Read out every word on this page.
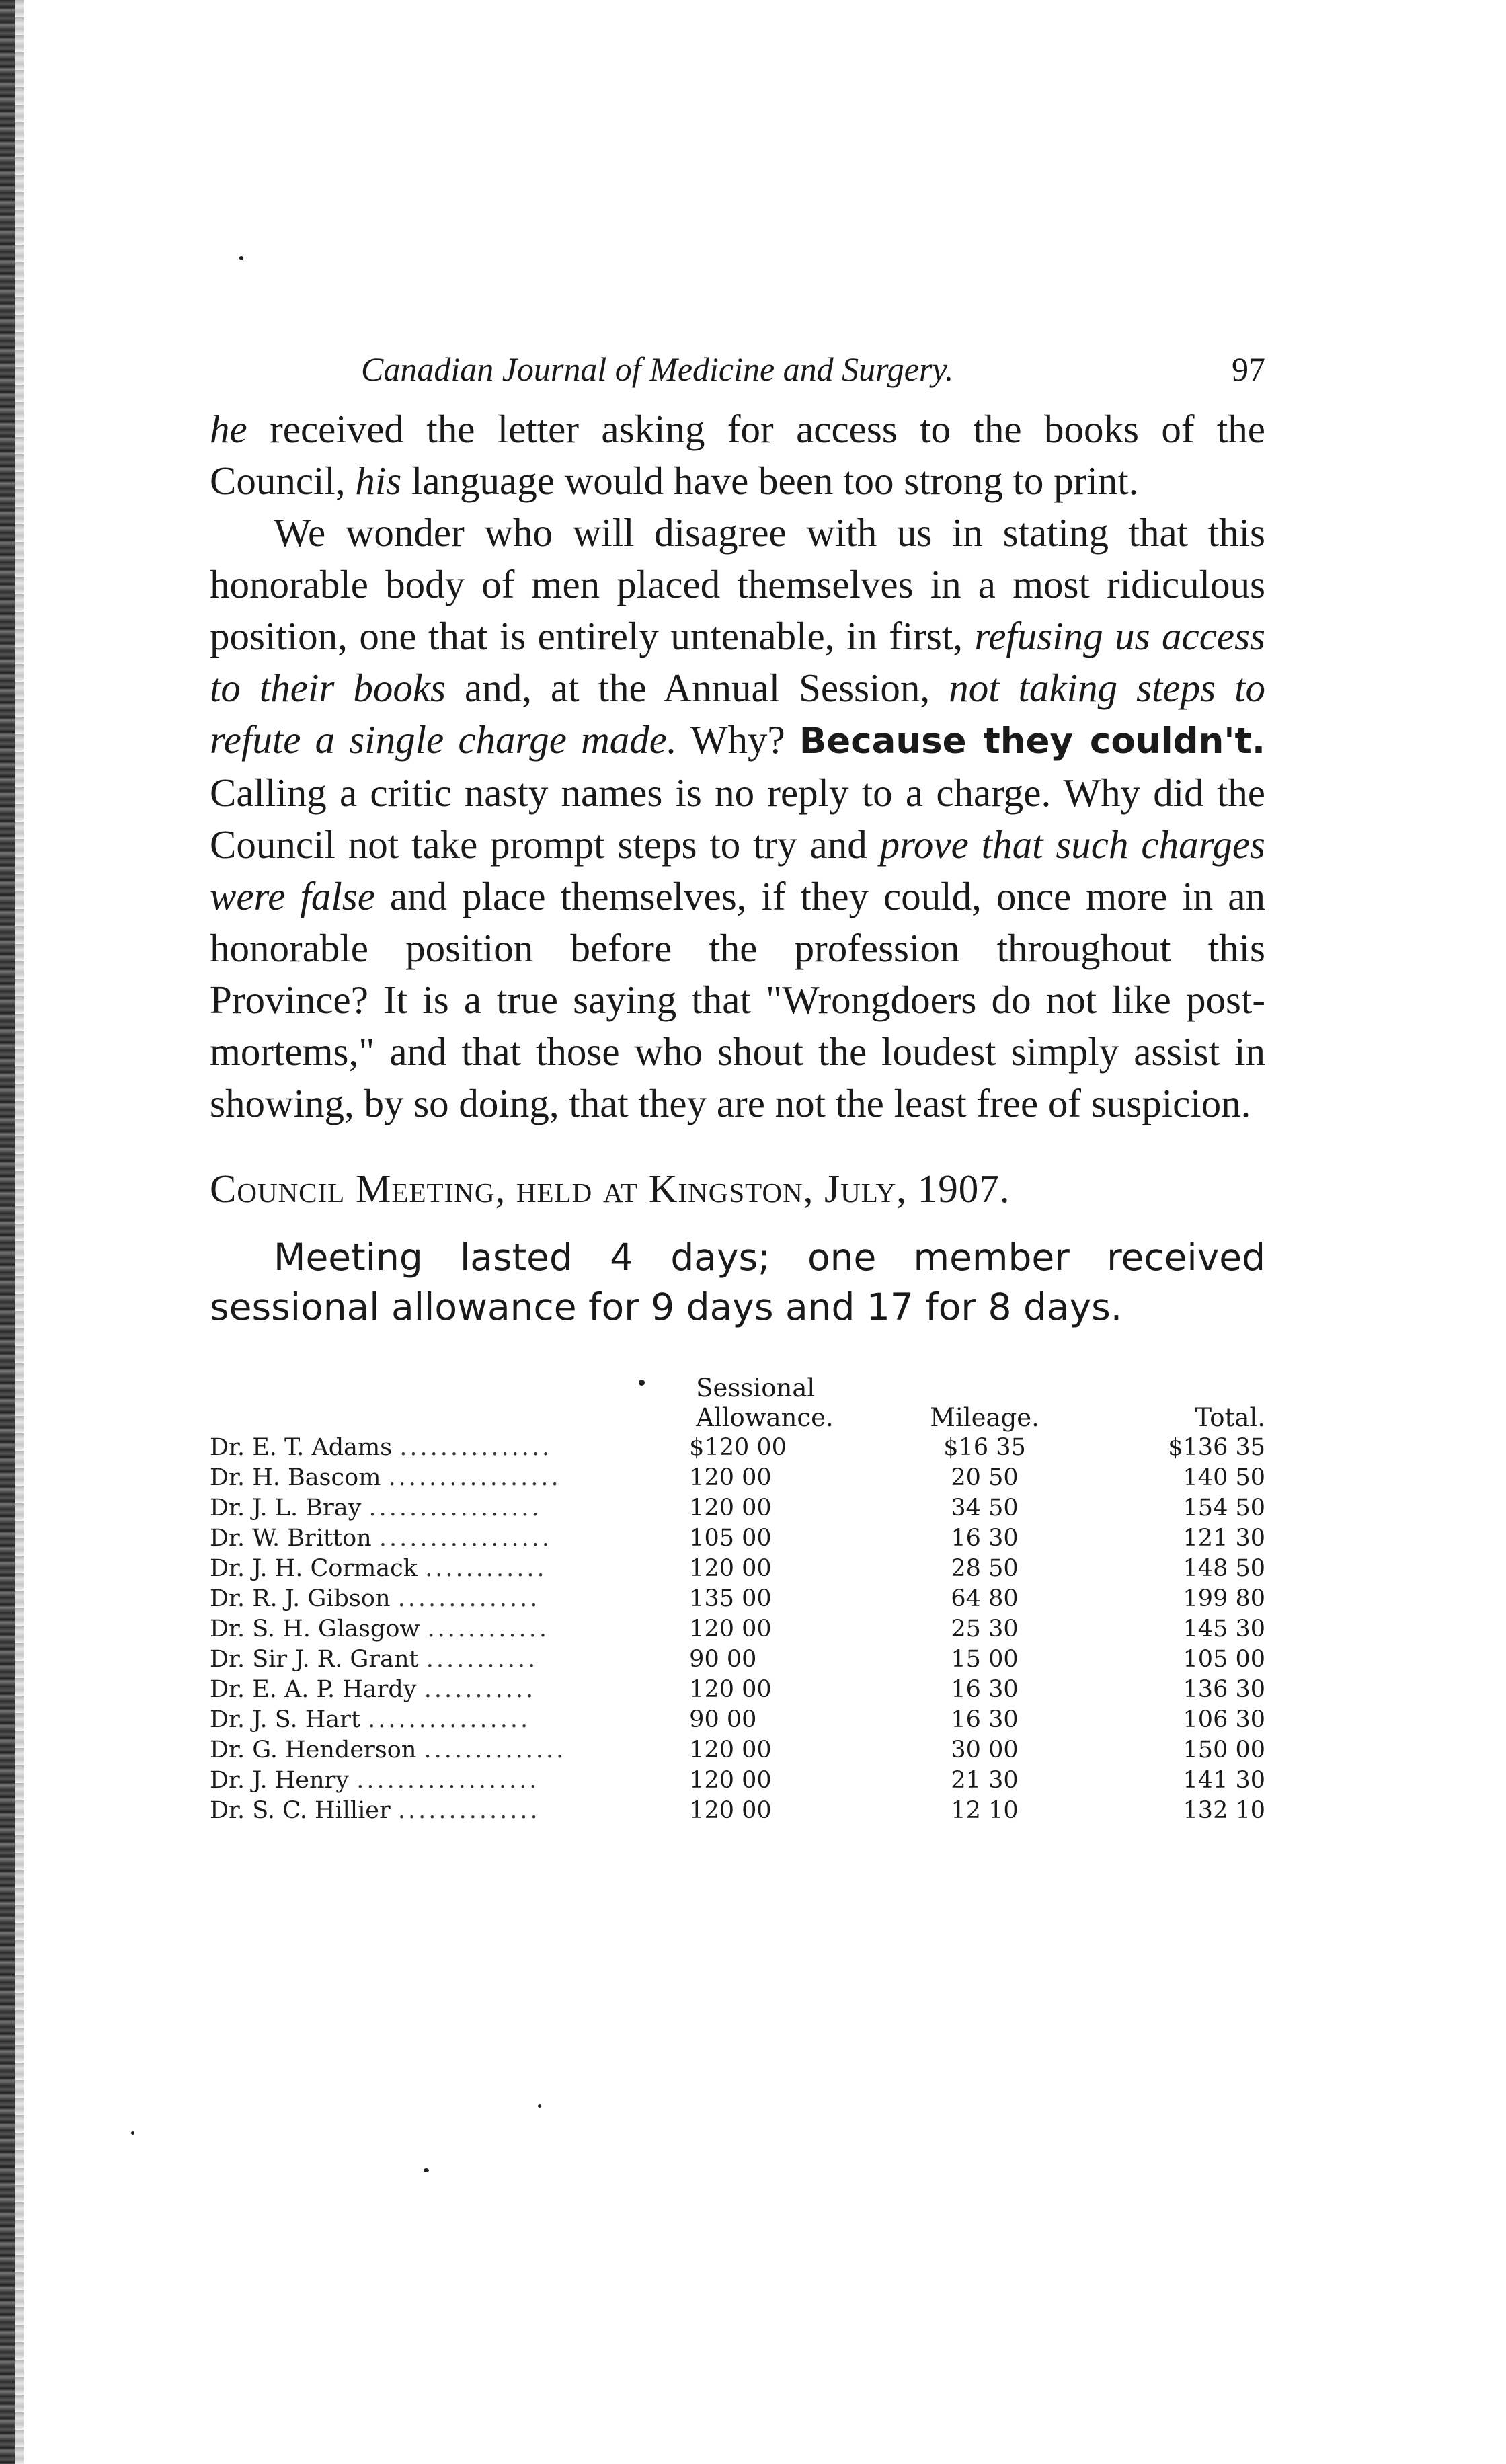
Canadian Journal of Medicine and Surgery.	97

he received the letter asking for access to the books of the Council, his language would have been too strong to print.

We wonder who will disagree with us in stating that this honorable body of men placed themselves in a most ridiculous position, one that is entirely untenable, in first, refusing us access to their books and, at the Annual Session, not taking steps to refute a single charge made. Why? Because they couldn't. Calling a critic nasty names is no reply to a charge. Why did the Council not take prompt steps to try and prove that such charges were false and place themselves, if they could, once more in an honorable position before the profession throughout this Province? It is a true saying that "Wrongdoers do not like post-mortems," and that those who shout the loudest simply assist in showing, by so doing, that they are not the least free of suspicion.

Council Meeting, held at Kingston, July, 1907.

Meeting lasted 4 days; one member received sessional allowance for 9 days and 17 for 8 days.

	Sessional
Allowance.	Mileage.	Total.
Dr. E. T. Adams ...............	$120 00	$16 35	$136 35
Dr. H. Bascom .................	120 00	20 50	140 50
Dr. J. L. Bray .................	120 00	34 50	154 50
Dr. W. Britton .................	105 00	16 30	121 30
Dr. J. H. Cormack ............	120 00	28 50	148 50
Dr. R. J. Gibson ..............	135 00	64 80	199 80
Dr. S. H. Glasgow ............	120 00	25 30	145 30
Dr. Sir J. R. Grant ...........	90 00	15 00	105 00
Dr. E. A. P. Hardy ...........	120 00	16 30	136 30
Dr. J. S. Hart ................	90 00	16 30	106 30
Dr. G. Henderson ..............	120 00	30 00	150 00
Dr. J. Henry ..................	120 00	21 30	141 30
Dr. S. C. Hillier ..............	120 00	12 10	132 10
